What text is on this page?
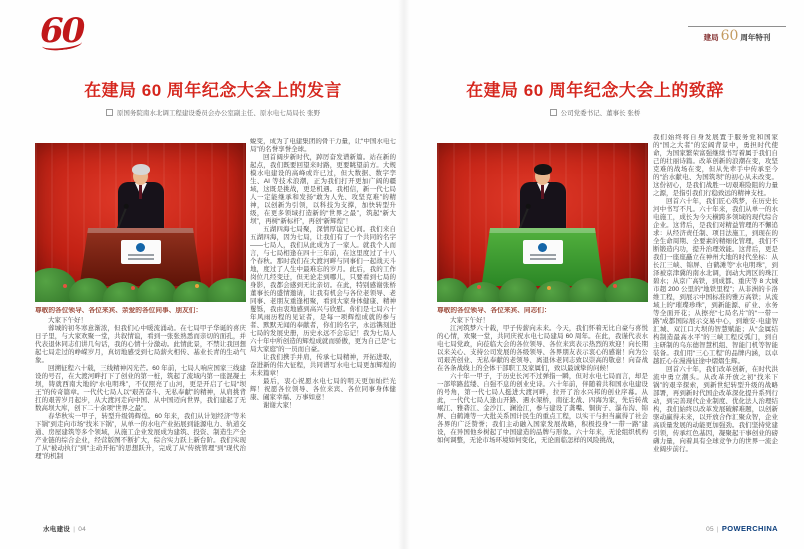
60	建局 60 周年特刊
在建局 60 周年纪念大会上的发言
原国务院南水北调工程建设委员会办公室副主任、原水电七局局长 张野

尊敬的各位领导、各位来宾、亲爱的各位同事、朋友们：

大家下午好！

蓉城的初冬寒意渐浓，但我们心中暖流涌动。在七局甲子华诞的喜庆日子里，与大家欢聚一堂，共叙情谊，看到一张张熟悉而亲切的面孔，并代表退休同志们讲几句话，我的心情十分激动。此情此景，不禁让我回想起七局走过的峥嵘岁月，真切地感受到七局薪火相传、基业长青的生动气象。

回溯征程六十载，三线精神闪光芒。60 年前，七局人响应国家三线建设的号召，在大渡河畔打下了创业的第一桩，筑起了流域内第一座混凝土坝，铸就西南大地的“水电明珠”，不仅照亮了山河，更是开启了七局“坝王”的传奇篇章。一代代七局人以“艰苦奋斗、无私奉献”的精神，从肩挑背扛的艰苦岁月起步，从大渡河走向中国、从中国迈向世界，我们建起了无数高坝大库，创下二十余项“世界之最”。

春华秋实一甲子，转型升级铸辉煌。60 年来，我们从计划经济“等米下锅”到走向市场“找米下锅”，从单一的水电产业拓展到能源电力、轨道交通、房屋建筑等多个领域，从施工企业发展成为建筑、投资、制造生产全产业链的综合企业，经营版图不断扩大，综合实力跃上新台阶。我们实现了从“被动执行”到“主动开拓”的思想跃升，完成了从“传统管理”到“现代治理”的机制

蜕变，成为了电建集团的骨干力量，让“中国水电七局”的名誉享誉全球。

回首阔步新时代，踔厉奋发谱新篇。站在新的起点，我们既要回望来时路，更要眺望前方。大规模水电建设的高峰或许已过，但大数据、数字孪生、AI 等技术浪潮，正为我们打开更加广阔的疆域，这既是挑战，更是机遇。我相信，新一代七局人一定能继承和发扬“敢为人先、攻坚克难”的精神，以创新为引领，以科技为支撑，加快转型升级，在更多领域打造新的“世界之最”，筑起“新大坝”，再树“新标杆”，再创“新辉煌”！

五湖四海七局聚，深情厚谊记心间。我们来自五湖四海，因为七局，让我们有了一个共同的名字——七局人，我们从此成为了一家人。就我个人而言，与七局相逢在四十三年前，在这里度过了十八个春秋。那时我们在大渡河畔与同事们一起战天斗地，度过了人生中最难忘的岁月。此后，我的工作岗位几经变迁，但无论走到哪儿，只要看到七局的身影，我都会感到无比亲切。在此，特别感谢张桥董事长的盛情邀请，让我有机会与各位老领导、老同事、老朋友重逢相聚，看到大家身体健康、精神矍铄，我由衷地感到高兴与欣慰。你们是七局六十年风雨历程的见证者，是每一项辉煌成就的参与者、默默无闻的奉献者，你们的名字，永远镌刻进七局的发展史册，历史永远不会忘记！我为七局人六十年中所创造的辉煌成就而骄傲，更为自己是“七局大家庭”的一员而自豪。

让我们携手并肩，传承七局精神，开拓进取，奋进新的伟大征程，共同谱写水电七局更加辉煌的未来篇章！

最后，衷心祝愿水电七局的明天更加灿烂光辉！祝愿各位领导、各位来宾、各位同事身体健康、阖家幸福、万事如意！

谢谢大家！

在建局 60 周年纪念大会上的致辞
公司党委书记、董事长 张桥

尊敬的各位领导、各位来宾、同志们：

大家下午好！

江河筑梦六十载，甲子传薪向未来。今天，我们怀着无比自豪与喜悦的心情，欢聚一堂，共同庆祝水电七局建局 60 周年。在此，我谨代表水电七局党政，向莅临大会的各位领导、各位来宾表示热烈的欢迎！向长期以来关心、支持公司发展的各级领导、各界朋友表示衷心的感谢！向为公司艰苦创业、无私奉献的老领导、离退休老同志致以崇高的敬意！向奋战在各条战线上的全体干部职工及家属们，致以最诚挚的问候！

六十年一甲子，于历史长河不过弹指一瞬，但对水电七局而言，却是一部筚路蓝缕、自强不息的创业史诗。六十年前，伴随着共和国水电建设的号角，第一代七局人挺进大渡河畔，拉开了治水兴邦的创业序幕。从此，一代代七局人逢山开路、遇水架桥，南征北战、四海为家，先后转战岷江、雅砻江、金沙江、澜沧江，参与建设了龚嘴、铜街子、瀑布沟、锦屏、白鹤滩等一大批关系国计民生的重点工程，以实干与担当赢得了社会各界的广泛赞誉；我们主动融入国家发展战略，积极投身“一带一路”建设，在异国他乡树起了中国建造的品牌与形象。六十年来，无论组织机构如何调整，无论市场环境如何变化，无论面临怎样的风险挑战，

我们始终将自身发展置于服务党和国家的“国之大者”的宏阔背景中，勇担时代使命，为国家繁荣富强继续书写着属于我们自己的壮丽诗篇。改革创新的浪潮在变，攻坚克难的战场在变，但从先辈手中传承至今的“治水献电、为国筑坝”的初心从未改变。这份初心，是我们战胜一切艰难险阻的力量之源，是指引我们行稳致远的精神支柱。

回首六十年，我们匠心筑梦，在历史长河中书写不凡。六十年来，我们从单一的水电施工，成长为今天横跨多领域的现代综合企业。这背后，是我们对精益管理的不懈追求：从经济责任制、项目法施工，到现在的全生命周期、全要素的精细化管理，我们不断锻造内功，提升治理效能。这背后，更是我们一座座矗立在神州大地的时代坐标：从长江三峡、锦屏、白鹤滩等“水电明珠”，到泽被京津冀的南水北调，润动大湾区的珠江碧水；从京广高铁，到成都、重庆等 8 大城市超 200 公里的“地铁里程”；从非洲的卡洛维工程，到展示中国标准的雅万高铁；从流域上的“璀璨珍珠”，到新能源、矿业、水务等全面开花；从擦亮“七局名片”的“一带一路”成都国际展示交易中心，到雄安·电建智汇城、双江口大坝的智慧赋能；从“金属结构制造最高水平”的三峡工程反弧门，到自主研制的乌东德智慧机组、智能门机等智能装备。我们用“三心工程”的品牌内涵，以卓越匠心在漫漫征途中熠熠生辉。

回首六十年，我们改革创新，在时代洪流中勇立潮头。从改革开放之初“找米下锅”的艰辛探索，到新世纪转型升级的战略部署，再到新时代国企改革深化提升系列行动，到完善现代企业制度、优化法人治理结构，我们始终以改革发展破解难题，以创新驱动赢得未来，以开放合作汇聚众智，企业高质量发展的动能更加强劲。我们坚持党建引领，传承红色基因，凝聚起干事创业的磅礴力量，向着具有全球竞争力的世界一流企业阔步前行。

水电建设 | 04	05 | POWERCHINA
